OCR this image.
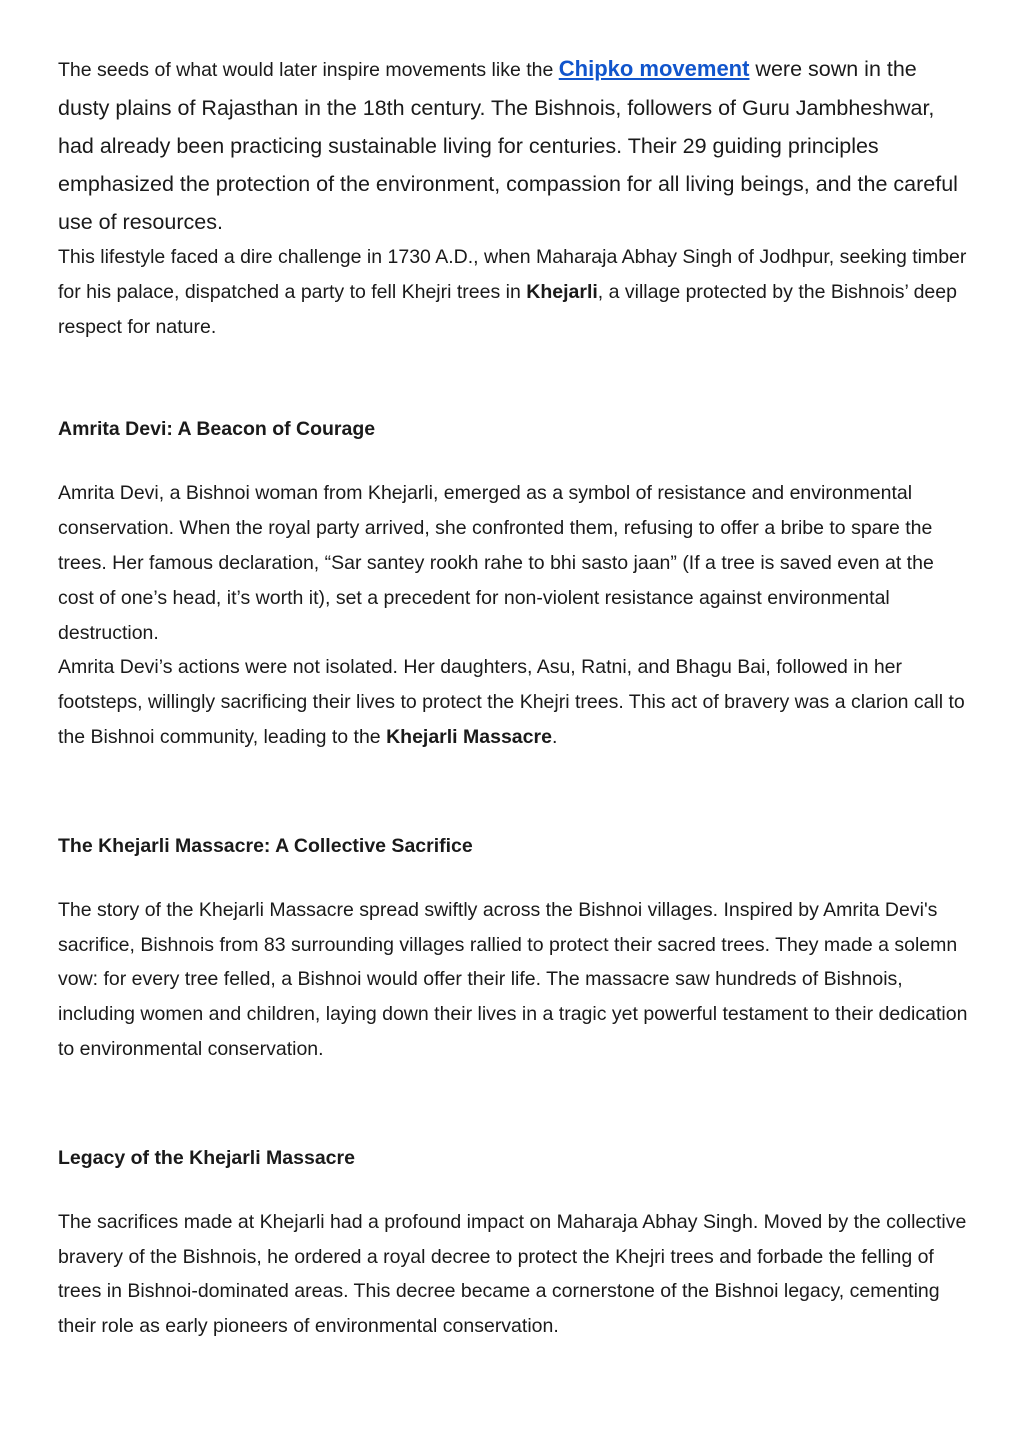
The seeds of what would later inspire movements like the Chipko movement were sown in the dusty plains of Rajasthan in the 18th century. The Bishnois, followers of Guru Jambheshwar, had already been practicing sustainable living for centuries. Their 29 guiding principles emphasized the protection of the environment, compassion for all living beings, and the careful use of resources.

This lifestyle faced a dire challenge in 1730 A.D., when Maharaja Abhay Singh of Jodhpur, seeking timber for his palace, dispatched a party to fell Khejri trees in Khejarli, a village protected by the Bishnois’ deep respect for nature.

Amrita Devi: A Beacon of Courage

Amrita Devi, a Bishnoi woman from Khejarli, emerged as a symbol of resistance and environmental conservation. When the royal party arrived, she confronted them, refusing to offer a bribe to spare the trees. Her famous declaration, “Sar santey rookh rahe to bhi sasto jaan” (If a tree is saved even at the cost of one’s head, it’s worth it), set a precedent for non-violent resistance against environmental destruction.

Amrita Devi’s actions were not isolated. Her daughters, Asu, Ratni, and Bhagu Bai, followed in her footsteps, willingly sacrificing their lives to protect the Khejri trees. This act of bravery was a clarion call to the Bishnoi community, leading to the Khejarli Massacre.

The Khejarli Massacre: A Collective Sacrifice

The story of the Khejarli Massacre spread swiftly across the Bishnoi villages. Inspired by Amrita Devi's sacrifice, Bishnois from 83 surrounding villages rallied to protect their sacred trees. They made a solemn vow: for every tree felled, a Bishnoi would offer their life. The massacre saw hundreds of Bishnois, including women and children, laying down their lives in a tragic yet powerful testament to their dedication to environmental conservation.

Legacy of the Khejarli Massacre

The sacrifices made at Khejarli had a profound impact on Maharaja Abhay Singh. Moved by the collective bravery of the Bishnois, he ordered a royal decree to protect the Khejri trees and forbade the felling of trees in Bishnoi-dominated areas. This decree became a cornerstone of the Bishnoi legacy, cementing their role as early pioneers of environmental conservation.
